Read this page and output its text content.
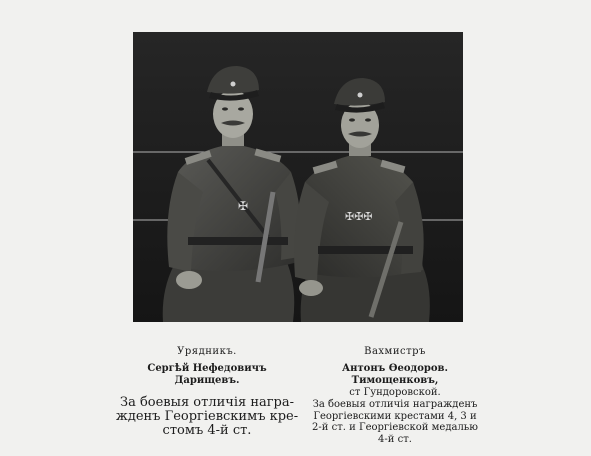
✠
✠✠✠
Урядникъ.
Сергѣй Нефедовичъ
Дарищевъ.
За боевыя отличія награ-
жденъ Георгіевскимъ кре-
стомъ 4-й ст.
Вахмистръ
Антонъ Өеодоров. Тимощенковъ,
ст Гундоровской.
За боевыя отличія награжденъ
Георгіевскими крестами 4, 3 и
2-й ст. и Георгіевской медалью
4-й ст.
